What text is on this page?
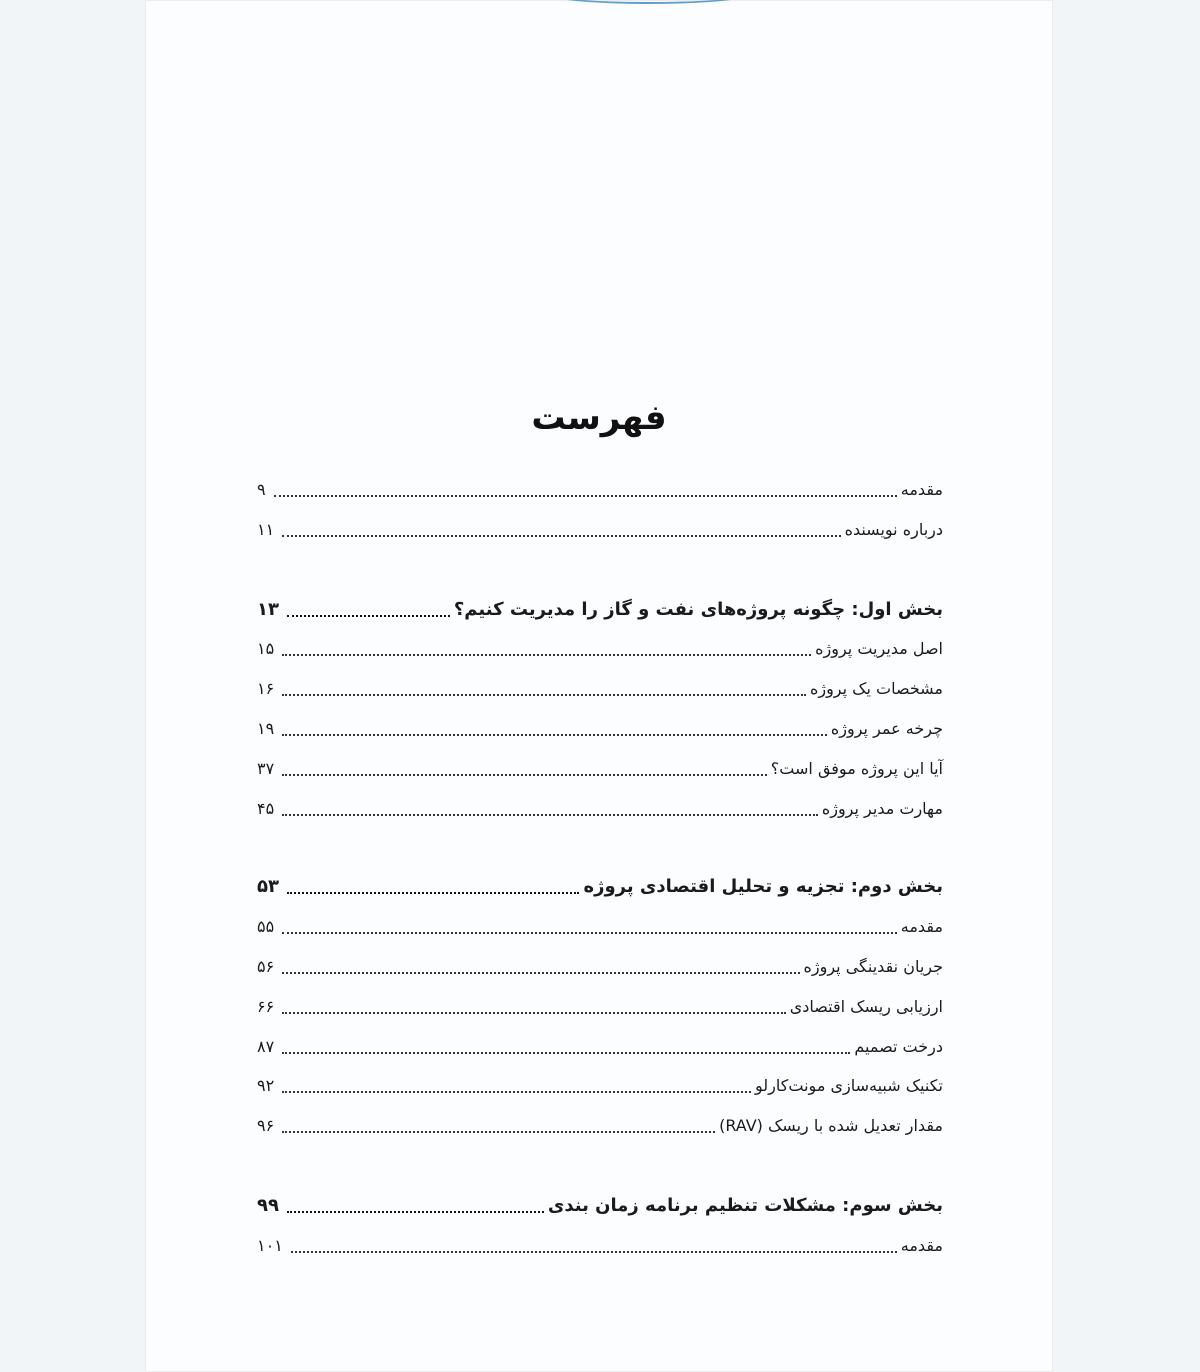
فهرست
مقدمه
۹
درباره نویسنده
۱۱
بخش اول: چگونه پروژه‌های نفت و گاز را مدیریت کنیم؟
۱۳
اصل مدیریت پروژه
۱۵
مشخصات یک پروژه
۱۶
چرخه عمر پروژه
۱۹
آیا این پروژه موفق است؟
۳۷
مهارت مدیر پروژه
۴۵
بخش دوم: تجزیه و تحلیل اقتصادی پروژه
۵۳
مقدمه
۵۵
جریان نقدینگی پروژه
۵۶
ارزیابی ریسک اقتصادی
۶۶
درخت تصمیم
۸۷
تکنیک شبیه‌سازی مونت‌کارلو
۹۲
مقدار تعدیل شده با ریسک (RAV)
۹۶
بخش سوم: مشکلات تنظیم برنامه زمان بندی
۹۹
مقدمه
۱۰۱
